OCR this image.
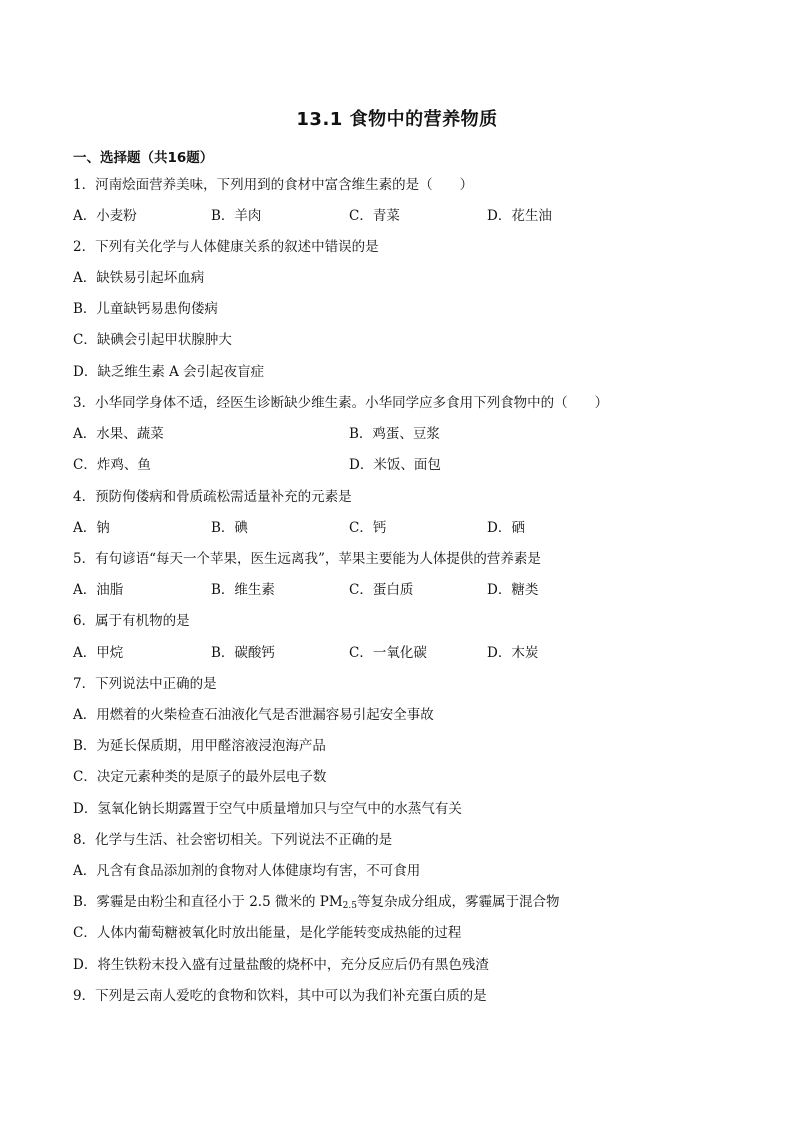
13.1 食物中的营养物质
一、选择题（共16题）
1．河南烩面营养美味，下列用到的食材中富含维生素的是（　　）
A．小麦粉	B．羊肉	C．青菜	D．花生油
2．下列有关化学与人体健康关系的叙述中错误的是
A．缺铁易引起坏血病
B．儿童缺钙易患佝偻病
C．缺碘会引起甲状腺肿大
D．缺乏维生素 A 会引起夜盲症
3．小华同学身体不适，经医生诊断缺少维生素。小华同学应多食用下列食物中的（　　）
A．水果、蔬菜	B．鸡蛋、豆浆
C．炸鸡、鱼	D．米饭、面包
4．预防佝偻病和骨质疏松需适量补充的元素是
A．钠	B．碘	C．钙	D．硒
5．有句谚语“每天一个苹果，医生远离我”，苹果主要能为人体提供的营养素是
A．油脂	B．维生素	C．蛋白质	D．糖类
6．属于有机物的是
A．甲烷	B．碳酸钙	C．一氧化碳	D．木炭
7．下列说法中正确的是
A．用燃着的火柴检查石油液化气是否泄漏容易引起安全事故
B．为延长保质期，用甲醛溶液浸泡海产品
C．决定元素种类的是原子的最外层电子数
D．氢氧化钠长期露置于空气中质量增加只与空气中的水蒸气有关
8．化学与生活、社会密切相关。下列说法不正确的是
A．凡含有食品添加剂的食物对人体健康均有害，不可食用
B．雾霾是由粉尘和直径小于 2.5 微米的 $PM_{2.5}$等复杂成分组成，雾霾属于混合物
C．人体内葡萄糖被氧化时放出能量，是化学能转变成热能的过程
D．将生铁粉末投入盛有过量盐酸的烧杯中，充分反应后仍有黑色残渣
9．下列是云南人爱吃的食物和饮料，其中可以为我们补充蛋白质的是
